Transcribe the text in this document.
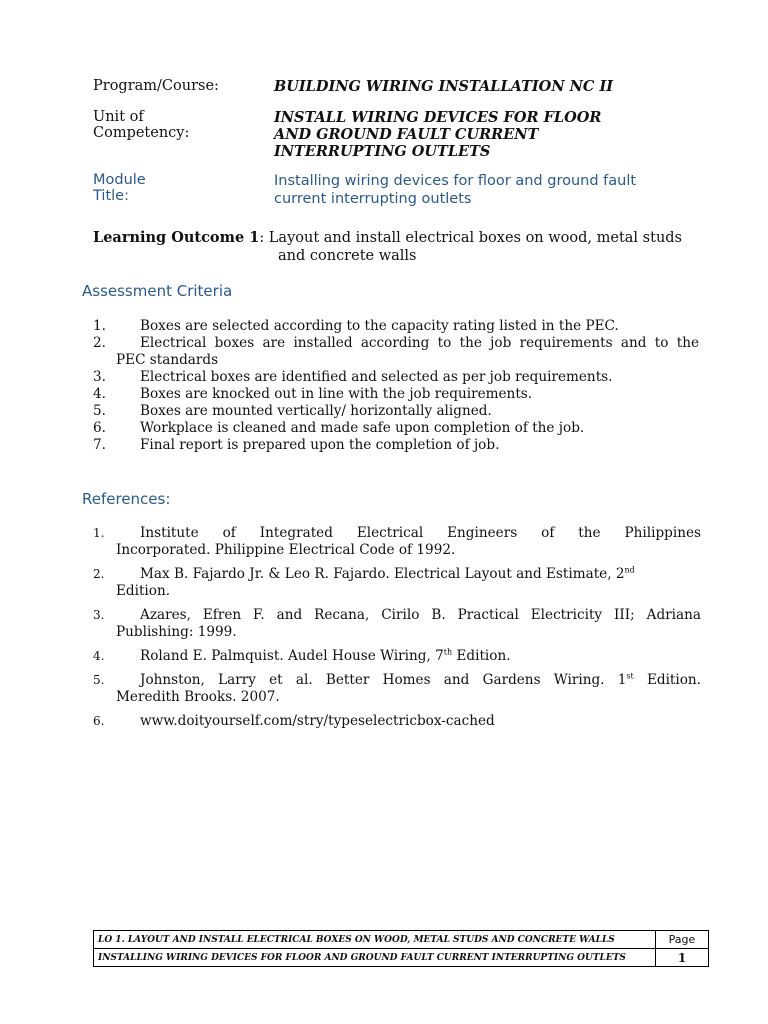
Program/Course:	BUILDING WIRING INSTALLATION NC II
Unit of Competency:
INSTALL WIRING DEVICES FOR FLOOR AND GROUND FAULT CURRENT INTERRUPTING OUTLETS
Module Title:
Installing wiring devices for floor and ground fault current interrupting outlets
Learning Outcome 1: Layout and install electrical boxes on wood, metal studs
and concrete walls
Assessment Criteria
1.	Boxes are selected according to the capacity rating listed in the PEC.
2.	Electrical boxes are installed according to the job requirements and to the
PEC standards
3.	Electrical boxes are identified and selected as per job requirements.
4.	Boxes are knocked out in line with the job requirements.
5.	Boxes are mounted vertically/ horizontally aligned.
6.	Workplace is cleaned and made safe upon completion of the job.
7.	Final report is prepared upon the completion of job.
References:
1.	Institute of Integrated Electrical Engineers of the Philippines
Incorporated. Philippine Electrical Code of 1992.
2.	Max B. Fajardo Jr. & Leo R. Fajardo. Electrical Layout and Estimate, 2nd
Edition.
3.	Azares, Efren F. and Recana, Cirilo B. Practical Electricity III; Adriana
Publishing: 1999.
4.	Roland E. Palmquist. Audel House Wiring, 7th Edition.
5.	Johnston, Larry et al. Better Homes and Gardens Wiring. 1st Edition.
Meredith Brooks. 2007.
6.	www.doityourself.com/stry/typeselectricbox-cached
LO 1. LAYOUT AND INSTALL ELECTRICAL BOXES ON WOOD, METAL STUDS AND CONCRETE WALLS	Page
INSTALLING WIRING DEVICES FOR FLOOR AND GROUND FAULT CURRENT INTERRUPTING OUTLETS	1
